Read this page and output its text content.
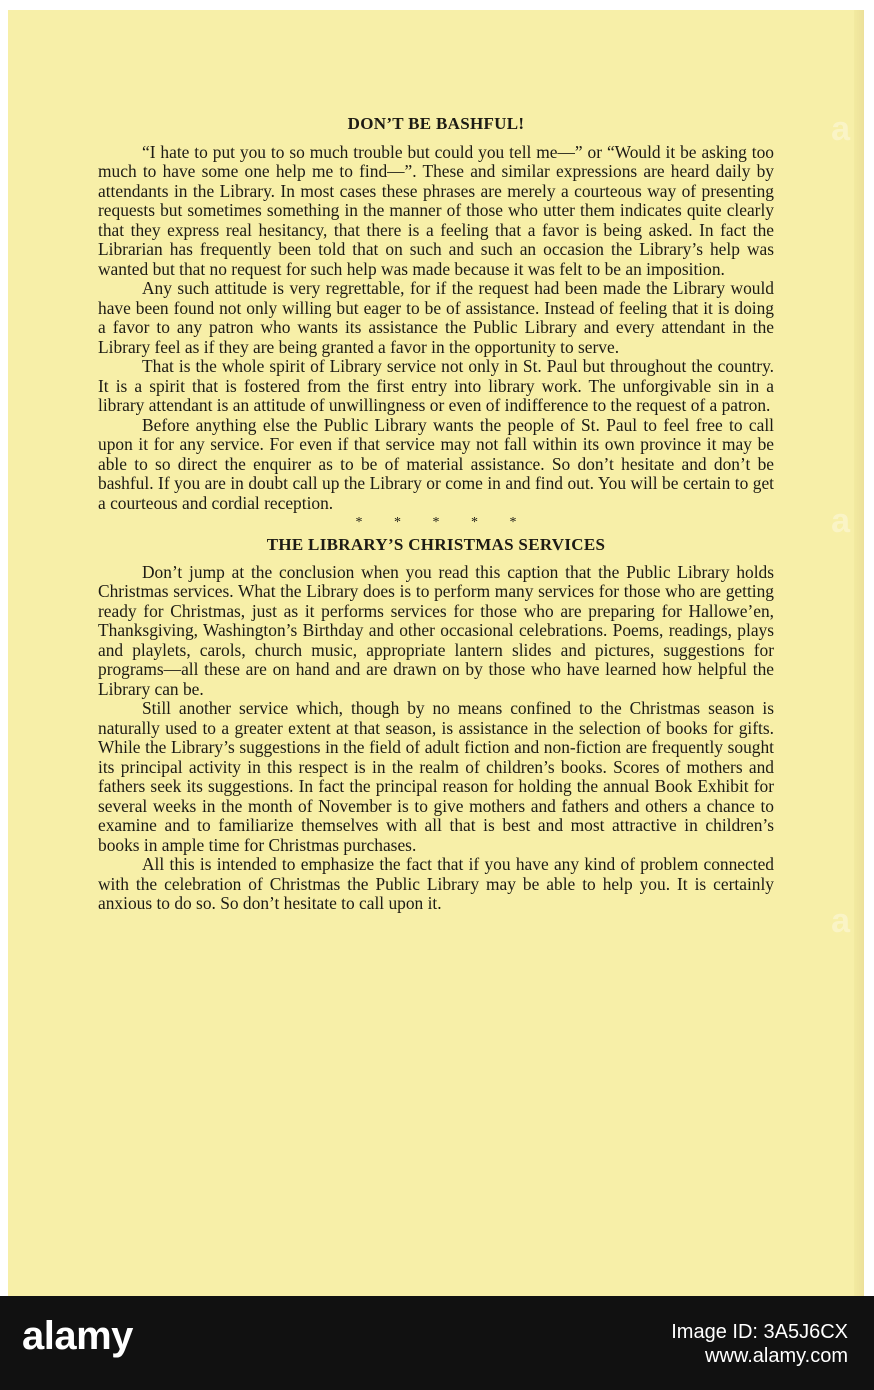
DON’T BE BASHFUL!

“I hate to put you to so much trouble but could you tell me—” or “Would it be asking too much to have some one help me to find—”. These and similar expressions are heard daily by attendants in the Library. In most cases these phrases are merely a courteous way of presenting requests but sometimes something in the manner of those who utter them indicates quite clearly that they express real hesitancy, that there is a feeling that a favor is being asked. In fact the Librarian has frequently been told that on such and such an occasion the Library’s help was wanted but that no request for such help was made because it was felt to be an imposition.

Any such attitude is very regrettable, for if the request had been made the Library would have been found not only willing but eager to be of assistance. Instead of feeling that it is doing a favor to any patron who wants its assistance the Public Library and every attendant in the Library feel as if they are being granted a favor in the opportunity to serve.

That is the whole spirit of Library service not only in St. Paul but throughout the country. It is a spirit that is fostered from the first entry into library work. The unforgivable sin in a library attendant is an attitude of unwillingness or even of indifference to the request of a patron.

Before anything else the Public Library wants the people of St. Paul to feel free to call upon it for any service. For even if that service may not fall within its own province it may be able to so direct the enquirer as to be of material assistance. So don’t hesitate and don’t be bashful. If you are in doubt call up the Library or come in and find out. You will be certain to get a courteous and cordial reception.

* * * * *
THE LIBRARY’S CHRISTMAS SERVICES

Don’t jump at the conclusion when you read this caption that the Public Library holds Christmas services. What the Library does is to perform many services for those who are getting ready for Christmas, just as it performs services for those who are preparing for Hallowe’en, Thanksgiving, Washington’s Birthday and other occasional celebrations. Poems, readings, plays and playlets, carols, church music, appropriate lantern slides and pictures, suggestions for programs—all these are on hand and are drawn on by those who have learned how helpful the Library can be.

Still another service which, though by no means confined to the Christmas season is naturally used to a greater extent at that season, is assistance in the selection of books for gifts. While the Library’s suggestions in the field of adult fiction and non-fiction are frequently sought its principal activity in this respect is in the realm of children’s books. Scores of mothers and fathers seek its suggestions. In fact the principal reason for holding the annual Book Exhibit for several weeks in the month of November is to give mothers and fathers and others a chance to examine and to familiarize themselves with all that is best and most attractive in children’s books in ample time for Christmas purchases.

All this is intended to emphasize the fact that if you have any kind of problem connected with the celebration of Christmas the Public Library may be able to help you. It is certainly anxious to do so. So don’t hesitate to call upon it.

a
a
a
alamy	Image ID: 3A5J6CX
www.alamy.com
